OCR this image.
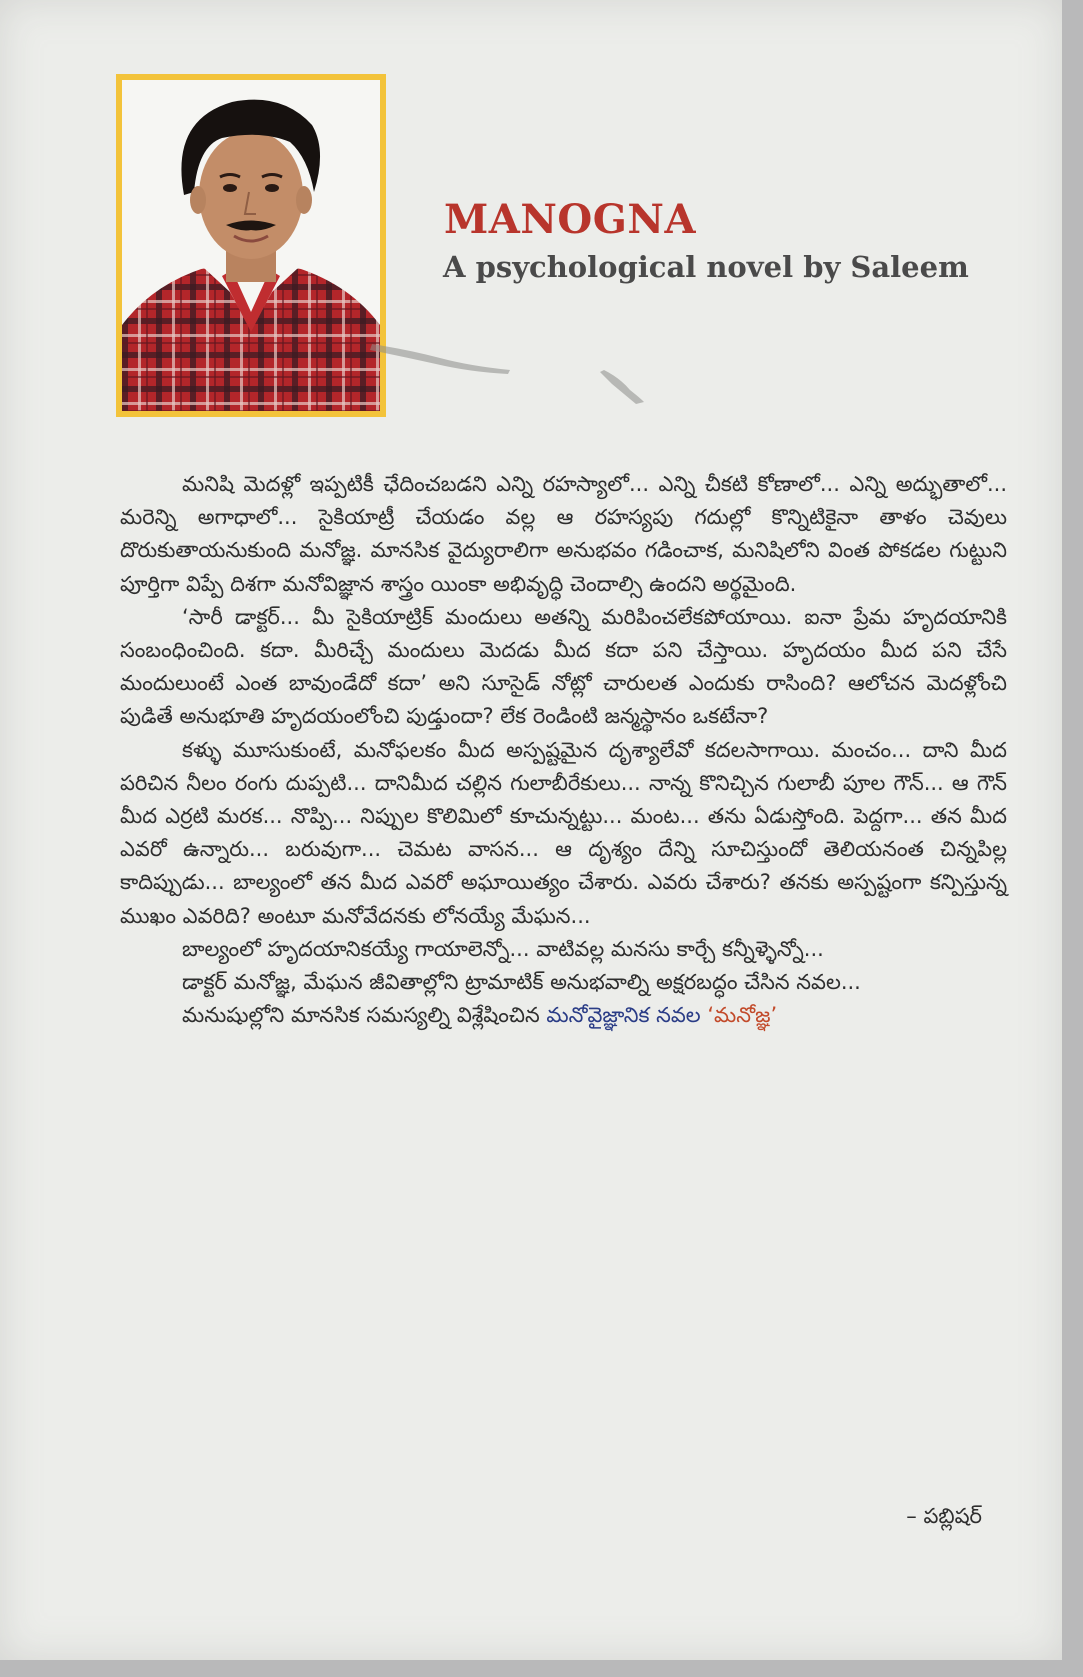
MANOGNA
A psychological novel by Saleem

మనిషి మెదళ్లో ఇప్పటికీ ఛేదించబడని ఎన్ని రహస్యాలో... ఎన్ని చీకటి కోణాలో... ఎన్ని అద్భుతాలో... మరెన్ని అగాధాలో... సైకియాట్రీ చేయడం వల్ల ఆ రహస్యపు గదుల్లో కొన్నిటికైనా తాళం చెవులు దొరుకుతాయనుకుంది మనోజ్ఞ. మానసిక వైద్యురాలిగా అనుభవం గడించాక, మనిషిలోని వింత పోకడల గుట్టుని పూర్తిగా విప్పే దిశగా మనోవిజ్ఞాన శాస్త్రం యింకా అభివృద్ధి చెందాల్సి ఉందని అర్థమైంది.

‘సారీ డాక్టర్... మీ సైకియాట్రిక్ మందులు అతన్ని మరిపించలేకపోయాయి. ఐనా ప్రేమ హృదయానికి సంబంధించింది. కదా. మీరిచ్చే మందులు మెదడు మీద కదా పని చేస్తాయి. హృదయం మీద పని చేసే మందులుంటే ఎంత బావుండేదో కదా’ అని సూసైడ్ నోట్లో చారులత ఎందుకు రాసింది? ఆలోచన మెదళ్లోంచి పుడితే అనుభూతి హృదయంలోంచి పుడ్తుందా? లేక రెండింటి జన్మస్థానం ఒకటేనా?

కళ్ళు మూసుకుంటే, మనోఫలకం మీద అస్పష్టమైన దృశ్యాలేవో కదలసాగాయి. మంచం... దాని మీద పరిచిన నీలం రంగు దుప్పటి... దానిమీద చల్లిన గులాబీరేకులు... నాన్న కొనిచ్చిన గులాబీ పూల గౌన్... ఆ గౌన్ మీద ఎర్రటి మరక... నొప్పి... నిప్పుల కొలిమిలో కూచున్నట్టు... మంట... తను ఏడుస్తోంది. పెద్దగా... తన మీద ఎవరో ఉన్నారు... బరువుగా... చెమట వాసన... ఆ దృశ్యం దేన్ని సూచిస్తుందో తెలియనంత చిన్నపిల్ల కాదిప్పుడు... బాల్యంలో తన మీద ఎవరో అఘాయిత్యం చేశారు. ఎవరు చేశారు? తనకు అస్పష్టంగా కన్పిస్తున్న ముఖం ఎవరిది? అంటూ మనోవేదనకు లోనయ్యే మేఘన...

బాల్యంలో హృదయానికయ్యే గాయాలెన్నో... వాటివల్ల మనసు కార్చే కన్నీళ్ళెన్నో...

డాక్టర్ మనోజ్ఞ, మేఘన జీవితాల్లోని ట్రామాటిక్ అనుభవాల్ని అక్షరబద్ధం చేసిన నవల...

మనుషుల్లోని మానసిక సమస్యల్ని విశ్లేషించిన మనోవైజ్ఞానిక నవల ‘మనోజ్ఞ’

– పబ్లిషర్
